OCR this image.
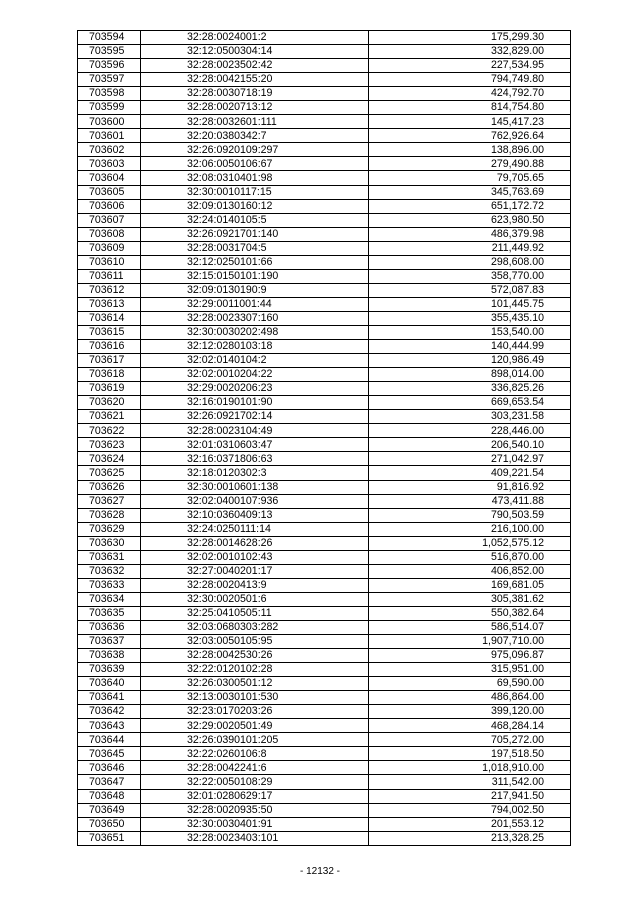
703594	32:28:0024001:2	175,299.30
703595	32:12:0500304:14	332,829.00
703596	32:28:0023502:42	227,534.95
703597	32:28:0042155:20	794,749.80
703598	32:28:0030718:19	424,792.70
703599	32:28:0020713:12	814,754.80
703600	32:28:0032601:111	145,417.23
703601	32:20:0380342:7	762,926.64
703602	32:26:0920109:297	138,896.00
703603	32:06:0050106:67	279,490.88
703604	32:08:0310401:98	79,705.65
703605	32:30:0010117:15	345,763.69
703606	32:09:0130160:12	651,172.72
703607	32:24:0140105:5	623,980.50
703608	32:26:0921701:140	486,379.98
703609	32:28:0031704:5	211,449.92
703610	32:12:0250101:66	298,608.00
703611	32:15:0150101:190	358,770.00
703612	32:09:0130190:9	572,087.83
703613	32:29:0011001:44	101,445.75
703614	32:28:0023307:160	355,435.10
703615	32:30:0030202:498	153,540.00
703616	32:12:0280103:18	140,444.99
703617	32:02:0140104:2	120,986.49
703618	32:02:0010204:22	898,014.00
703619	32:29:0020206:23	336,825.26
703620	32:16:0190101:90	669,653.54
703621	32:26:0921702:14	303,231.58
703622	32:28:0023104:49	228,446.00
703623	32:01:0310603:47	206,540.10
703624	32:16:0371806:63	271,042.97
703625	32:18:0120302:3	409,221.54
703626	32:30:0010601:138	91,816.92
703627	32:02:0400107:936	473,411.88
703628	32:10:0360409:13	790,503.59
703629	32:24:0250111:14	216,100.00
703630	32:28:0014628:26	1,052,575.12
703631	32:02:0010102:43	516,870.00
703632	32:27:0040201:17	406,852.00
703633	32:28:0020413:9	169,681.05
703634	32:30:0020501:6	305,381.62
703635	32:25:0410505:11	550,382.64
703636	32:03:0680303:282	586,514.07
703637	32:03:0050105:95	1,907,710.00
703638	32:28:0042530:26	975,096.87
703639	32:22:0120102:28	315,951.00
703640	32:26:0300501:12	69,590.00
703641	32:13:0030101:530	486,864.00
703642	32:23:0170203:26	399,120.00
703643	32:29:0020501:49	468,284.14
703644	32:26:0390101:205	705,272.00
703645	32:22:0260106:8	197,518.50
703646	32:28:0042241:6	1,018,910.00
703647	32:22:0050108:29	311,542.00
703648	32:01:0280629:17	217,941.50
703649	32:28:0020935:50	794,002.50
703650	32:30:0030401:91	201,553.12
703651	32:28:0023403:101	213,328.25
- 12132 -
